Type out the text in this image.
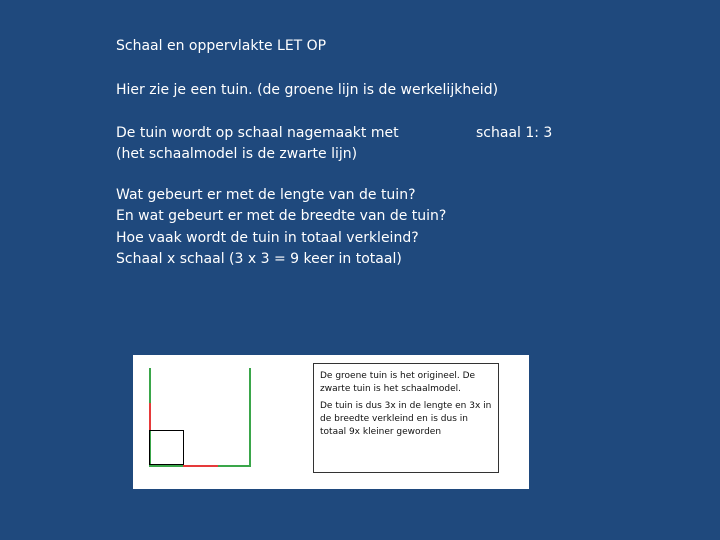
Schaal en oppervlakte LET OP

Hier zie je een tuin. (de groene lijn is de werkelijkheid)

De tuin wordt op schaal nagemaakt met

(het schaalmodel is de zwarte lijn)

schaal 1: 3

Wat gebeurt er met de lengte van de tuin?

En wat gebeurt er met de breedte van de tuin?

Hoe vaak wordt de tuin in totaal verkleind?

Schaal x schaal (3 x 3 = 9 keer in totaal)

De groene tuin is het origineel. De zwarte tuin is het schaalmodel.

De tuin is dus 3x in de lengte en 3x in de breedte verkleind en is dus in totaal 9x kleiner geworden
